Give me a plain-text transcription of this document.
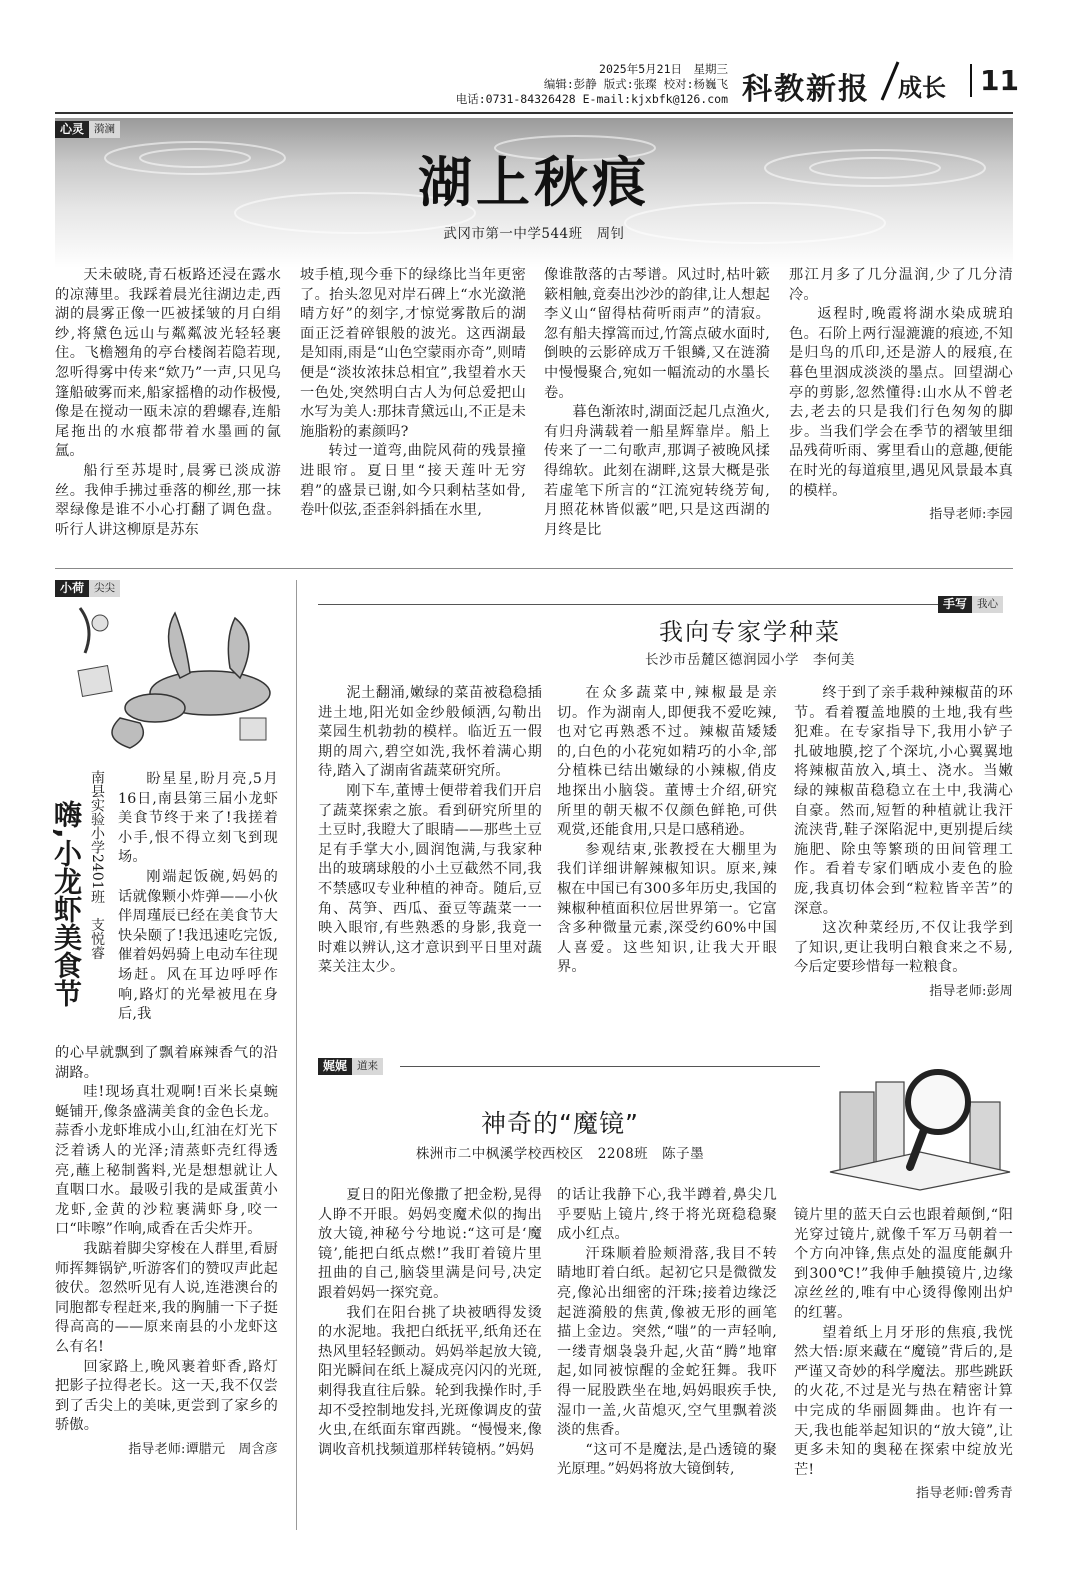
2025年5月21日　星期三
编辑:彭静 版式:张璨 校对:杨巍飞
电话:0731-84326428 E-mail:kjxbfk@126.com 科教新报 成长	11
心灵 漪澜
湖上秋痕
武冈市第一中学544班　周钊

天未破晓,青石板路还浸在露水的凉薄里。我踩着晨光往湖边走,西湖的晨雾正像一匹被揉皱的月白绢纱,将黛色远山与粼粼波光轻轻裹住。飞檐翘角的亭台楼阁若隐若现,忽听得雾中传来“欸乃”一声,只见乌篷船破雾而来,船家摇橹的动作极慢,像是在搅动一瓯未凉的碧螺春,连船尾拖出的水痕都带着水墨画的氤氲。

船行至苏堤时,晨雾已淡成游丝。我伸手拂过垂落的柳丝,那一抹翠绿像是谁不小心打翻了调色盘。听行人讲这柳原是苏东

坡手植,现今垂下的绿绦比当年更密了。抬头忽见对岸石碑上“水光潋滟晴方好”的刻字,才惊觉雾散后的湖面正泛着碎银般的波光。这西湖最是知雨,雨是“山色空蒙雨亦奇”,则晴便是“淡妆浓抹总相宜”,我望着水天一色处,突然明白古人为何总爱把山水写为美人:那抹青黛远山,不正是未施脂粉的素颜吗?

转过一道弯,曲院风荷的残景撞进眼帘。夏日里“接天莲叶无穷碧”的盛景已谢,如今只剩枯茎如骨,卷叶似弦,歪歪斜斜插在水里,

像谁散落的古琴谱。风过时,枯叶簌簌相触,竟奏出沙沙的韵律,让人想起李义山“留得枯荷听雨声”的清寂。忽有船夫撑篙而过,竹篙点破水面时,倒映的云影碎成万千银鳞,又在涟漪中慢慢聚合,宛如一幅流动的水墨长卷。

暮色渐浓时,湖面泛起几点渔火,有归舟满载着一船星辉靠岸。船上传来了一二句歌声,那调子被晚风揉得绵软。此刻在湖畔,这景大概是张若虚笔下所言的“江流宛转绕芳甸,月照花林皆似霰”吧,只是这西湖的月终是比

那江月多了几分温润,少了几分清冷。

返程时,晚霞将湖水染成琥珀色。石阶上两行湿漉漉的痕迹,不知是归鸟的爪印,还是游人的屐痕,在暮色里洇成淡淡的墨点。回望湖心亭的剪影,忽然懂得:山水从不曾老去,老去的只是我们行色匆匆的脚步。当我们学会在季节的褶皱里细品残荷听雨、雾里看山的意趣,便能在时光的每道痕里,遇见风景最本真的模样。

指导老师:李园

小荷 尖尖
嗨,小龙虾美食节 南县实验小学2401班　支悦睿	盼星星,盼月亮,5月16日,南县第三届小龙虾美食节终于来了!我搓着小手,恨不得立刻飞到现场。

刚端起饭碗,妈妈的话就像颗小炸弹——小伙伴周瑾辰已经在美食节大快朵颐了!我迅速吃完饭,催着妈妈骑上电动车往现场赶。风在耳边呼呼作响,路灯的光晕被甩在身后,我

的心早就飘到了飘着麻辣香气的沿湖路。

哇!现场真壮观啊!百米长桌蜿蜒铺开,像条盛满美食的金色长龙。蒜香小龙虾堆成小山,红油在灯光下泛着诱人的光泽;清蒸虾壳红得透亮,蘸上秘制酱料,光是想想就让人直咽口水。最吸引我的是咸蛋黄小龙虾,金黄的沙粒裹满虾身,咬一口“咔嚓”作响,咸香在舌尖炸开。

我踮着脚尖穿梭在人群里,看厨师挥舞锅铲,听游客们的赞叹声此起彼伏。忽然听见有人说,连港澳台的同胞都专程赶来,我的胸脯一下子挺得高高的——原来南县的小龙虾这么有名!

回家路上,晚风裹着虾香,路灯把影子拉得老长。这一天,我不仅尝到了舌尖上的美味,更尝到了家乡的骄傲。

指导老师:谭腊元　周含彦

手写 我心
我向专家学种菜
长沙市岳麓区德润园小学　李何美

泥土翻涌,嫩绿的菜苗被稳稳插进土地,阳光如金纱般倾洒,勾勒出菜园生机勃勃的模样。临近五一假期的周六,碧空如洗,我怀着满心期待,踏入了湖南省蔬菜研究所。

刚下车,董博士便带着我们开启了蔬菜探索之旅。看到研究所里的土豆时,我瞪大了眼睛——那些土豆足有手掌大小,圆润饱满,与我家种出的玻璃球般的小土豆截然不同,我不禁感叹专业种植的神奇。随后,豆角、莴笋、西瓜、蚕豆等蔬菜一一映入眼帘,有些熟悉的身影,我竟一时难以辨认,这才意识到平日里对蔬菜关注太少。

在众多蔬菜中,辣椒最是亲切。作为湖南人,即便我不爱吃辣,也对它再熟悉不过。辣椒苗矮矮的,白色的小花宛如精巧的小伞,部分植株已结出嫩绿的小辣椒,俏皮地探出小脑袋。董博士介绍,研究所里的朝天椒不仅颜色鲜艳,可供观赏,还能食用,只是口感稍逊。

参观结束,张教授在大棚里为我们详细讲解辣椒知识。原来,辣椒在中国已有300多年历史,我国的辣椒种植面积位居世界第一。它富含多种微量元素,深受约60%中国人喜爱。这些知识,让我大开眼界。

终于到了亲手栽种辣椒苗的环节。看着覆盖地膜的土地,我有些犯难。在专家指导下,我用小铲子扎破地膜,挖了个深坑,小心翼翼地将辣椒苗放入,填土、浇水。当嫩绿的辣椒苗稳稳立在土中,我满心自豪。然而,短暂的种植就让我汗流浃背,鞋子深陷泥中,更别提后续施肥、除虫等繁琐的田间管理工作。看着专家们晒成小麦色的脸庞,我真切体会到“粒粒皆辛苦”的深意。

这次种菜经历,不仅让我学到了知识,更让我明白粮食来之不易,今后定要珍惜每一粒粮食。

指导老师:彭周

娓娓 道来
神奇的“魔镜”
株洲市二中枫溪学校西校区　2208班　陈子墨

夏日的阳光像撒了把金粉,晃得人睁不开眼。妈妈变魔术似的掏出放大镜,神秘兮兮地说:“这可是‘魔镜’,能把白纸点燃!”我盯着镜片里扭曲的自己,脑袋里满是问号,决定跟着妈妈一探究竟。

我们在阳台挑了块被晒得发烫的水泥地。我把白纸抚平,纸角还在热风里轻轻颤动。妈妈举起放大镜,阳光瞬间在纸上凝成亮闪闪的光斑,刺得我直往后躲。轮到我操作时,手却不受控制地发抖,光斑像调皮的萤火虫,在纸面东窜西跳。“慢慢来,像调收音机找频道那样转镜柄。”妈妈

的话让我静下心,我半蹲着,鼻尖几乎要贴上镜片,终于将光斑稳稳聚成小红点。

汗珠顺着脸颊滑落,我目不转睛地盯着白纸。起初它只是微微发亮,像沁出细密的汗珠;接着边缘泛起涟漪般的焦黄,像被无形的画笔描上金边。突然,“嗤”的一声轻响,一缕青烟袅袅升起,火苗“腾”地窜起,如同被惊醒的金蛇狂舞。我吓得一屁股跌坐在地,妈妈眼疾手快,湿巾一盖,火苗熄灭,空气里飘着淡淡的焦香。

“这可不是魔法,是凸透镜的聚光原理。”妈妈将放大镜倒转,

镜片里的蓝天白云也跟着颠倒,“阳光穿过镜片,就像千军万马朝着一个方向冲锋,焦点处的温度能飙升到300℃!”我伸手触摸镜片,边缘凉丝丝的,唯有中心烫得像刚出炉的红薯。

望着纸上月牙形的焦痕,我恍然大悟:原来藏在“魔镜”背后的,是严谨又奇妙的科学魔法。那些跳跃的火花,不过是光与热在精密计算中完成的华丽圆舞曲。也许有一天,我也能举起知识的“放大镜”,让更多未知的奥秘在探索中绽放光芒!

指导老师:曾秀青
